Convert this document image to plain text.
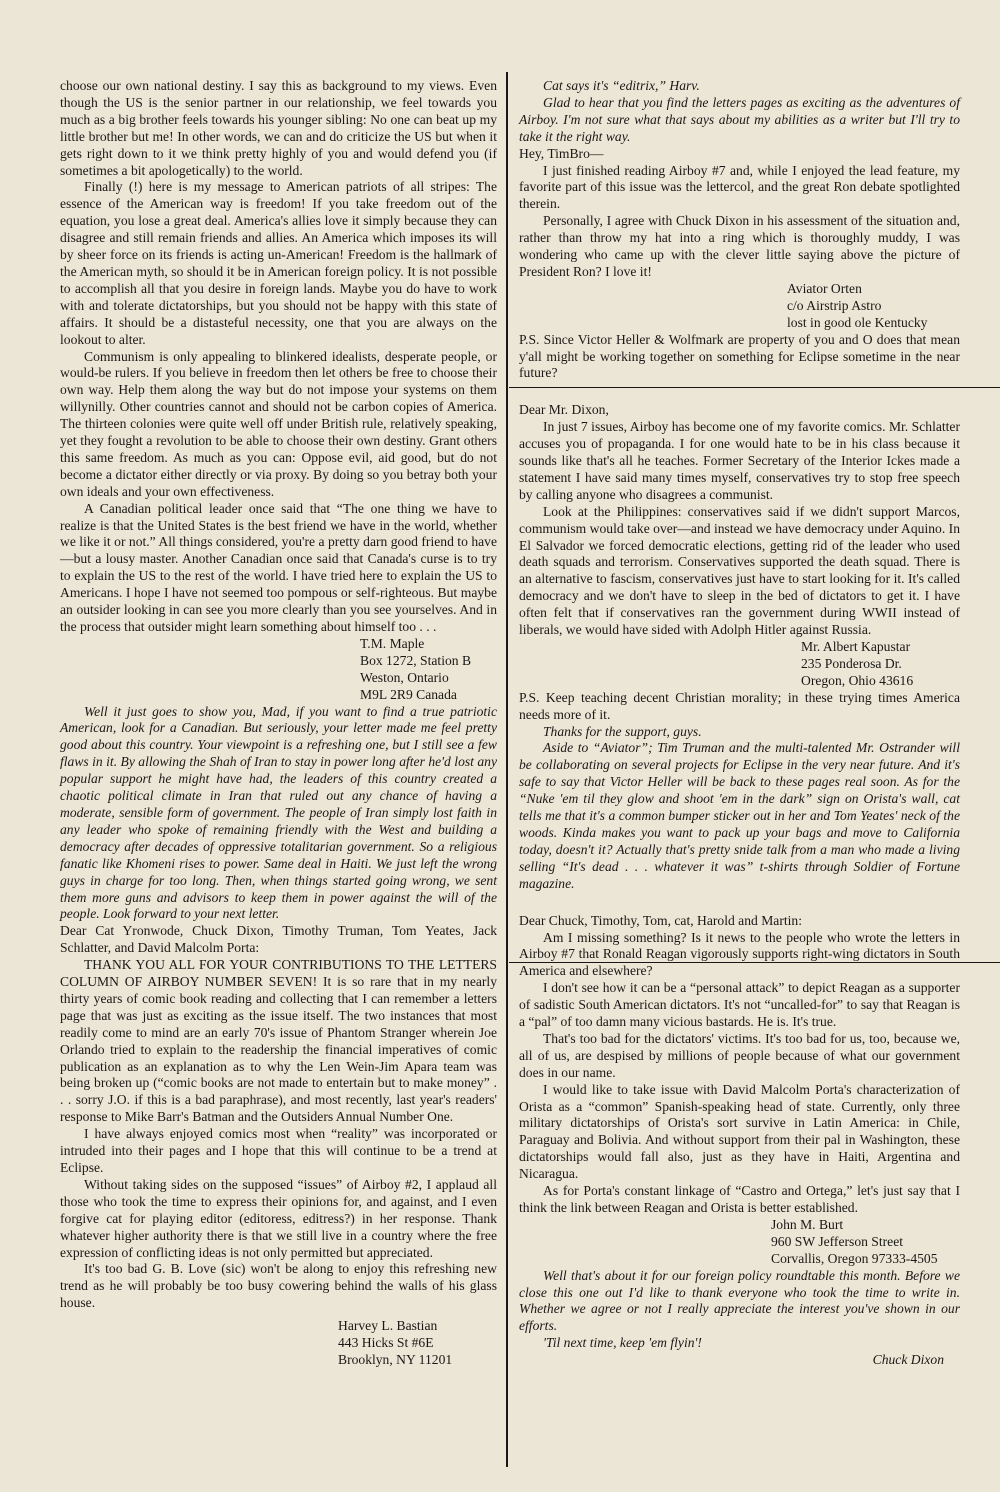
choose our own national destiny. I say this as background to my views. Even though the US is the senior partner in our relationship, we feel towards you much as a big brother feels towards his younger sibling: No one can beat up my little brother but me! In other words, we can and do criticize the US but when it gets right down to it we think pretty highly of you and would defend you (if sometimes a bit apologetically) to the world.

Finally (!) here is my message to American patriots of all stripes: The essence of the American way is freedom! If you take freedom out of the equation, you lose a great deal. America's allies love it simply because they can disagree and still remain friends and allies. An America which imposes its will by sheer force on its friends is acting un-American! Freedom is the hallmark of the American myth, so should it be in American foreign policy. It is not possible to accomplish all that you desire in foreign lands. Maybe you do have to work with and tolerate dictatorships, but you should not be happy with this state of affairs. It should be a distasteful necessity, one that you are always on the lookout to alter.

Communism is only appealing to blinkered idealists, desperate people, or would-be rulers. If you believe in freedom then let others be free to choose their own way. Help them along the way but do not impose your systems on them willynilly. Other countries cannot and should not be carbon copies of America. The thirteen colonies were quite well off under British rule, relatively speaking, yet they fought a revolution to be able to choose their own destiny. Grant others this same freedom. As much as you can: Oppose evil, aid good, but do not become a dictator either directly or via proxy. By doing so you betray both your own ideals and your own effectiveness.

A Canadian political leader once said that “The one thing we have to realize is that the United States is the best friend we have in the world, whether we like it or not.” All things considered, you're a pretty darn good friend to have—but a lousy master. Another Canadian once said that Canada's curse is to try to explain the US to the rest of the world. I have tried here to explain the US to Americans. I hope I have not seemed too pompous or self-righteous. But maybe an outsider looking in can see you more clearly than you see yourselves. And in the process that outsider might learn something about himself too . . .

T.M. Maple

Box 1272, Station B

Weston, Ontario

M9L 2R9 Canada

Well it just goes to show you, Mad, if you want to find a true patriotic American, look for a Canadian. But seriously, your letter made me feel pretty good about this country. Your viewpoint is a refreshing one, but I still see a few flaws in it. By allowing the Shah of Iran to stay in power long after he'd lost any popular support he might have had, the leaders of this country created a chaotic political climate in Iran that ruled out any chance of having a moderate, sensible form of government. The people of Iran simply lost faith in any leader who spoke of remaining friendly with the West and building a democracy after decades of oppressive totalitarian government. So a religious fanatic like Khomeni rises to power. Same deal in Haiti. We just left the wrong guys in charge for too long. Then, when things started going wrong, we sent them more guns and advisors to keep them in power against the will of the people. Look forward to your next letter.

Dear Cat Yronwode, Chuck Dixon, Timothy Truman, Tom Yeates, Jack Schlatter, and David Malcolm Porta:

THANK YOU ALL FOR YOUR CONTRIBUTIONS TO THE LETTERS COLUMN OF AIRBOY NUMBER SEVEN! It is so rare that in my nearly thirty years of comic book reading and collecting that I can remember a letters page that was just as exciting as the issue itself. The two instances that most readily come to mind are an early 70's issue of Phantom Stranger wherein Joe Orlando tried to explain to the readership the financial imperatives of comic publication as an explanation as to why the Len Wein-Jim Apara team was being broken up (“comic books are not made to entertain but to make money” . . . sorry J.O. if this is a bad paraphrase), and most recently, last year's readers' response to Mike Barr's Batman and the Outsiders Annual Number One.

I have always enjoyed comics most when “reality” was incorporated or intruded into their pages and I hope that this will continue to be a trend at Eclipse.

Without taking sides on the supposed “issues” of Airboy #2, I applaud all those who took the time to express their opinions for, and against, and I even forgive cat for playing editor (editoress, editress?) in her response. Thank whatever higher authority there is that we still live in a country where the free expression of conflicting ideas is not only permitted but appreciated.

It's too bad G. B. Love (sic) won't be along to enjoy this refreshing new trend as he will probably be too busy cowering behind the walls of his glass house.

Harvey L. Bastian

443 Hicks St #6E

Brooklyn, NY 11201

Cat says it's “editrix,” Harv.

Glad to hear that you find the letters pages as exciting as the adventures of Airboy. I'm not sure what that says about my abilities as a writer but I'll try to take it the right way.

Hey, TimBro—

I just finished reading Airboy #7 and, while I enjoyed the lead feature, my favorite part of this issue was the lettercol, and the great Ron debate spotlighted therein.

Personally, I agree with Chuck Dixon in his assessment of the situation and, rather than throw my hat into a ring which is thoroughly muddy, I was wondering who came up with the clever little saying above the picture of President Ron? I love it!

Aviator Orten

c/o Airstrip Astro

lost in good ole Kentucky

P.S. Since Victor Heller & Wolfmark are property of you and O does that mean y'all might be working together on something for Eclipse sometime in the near future?

Dear Mr. Dixon,

In just 7 issues, Airboy has become one of my favorite comics. Mr. Schlatter accuses you of propaganda. I for one would hate to be in his class because it sounds like that's all he teaches. Former Secretary of the Interior Ickes made a statement I have said many times myself, conservatives try to stop free speech by calling anyone who disagrees a communist.

Look at the Philippines: conservatives said if we didn't support Marcos, communism would take over—and instead we have democracy under Aquino. In El Salvador we forced democratic elections, getting rid of the leader who used death squads and terrorism. Conservatives supported the death squad. There is an alternative to fascism, conservatives just have to start looking for it. It's called democracy and we don't have to sleep in the bed of dictators to get it. I have often felt that if conservatives ran the government during WWII instead of liberals, we would have sided with Adolph Hitler against Russia.

Mr. Albert Kapustar

235 Ponderosa Dr.

Oregon, Ohio 43616

P.S. Keep teaching decent Christian morality; in these trying times America needs more of it.

Thanks for the support, guys.

Aside to “Aviator”; Tim Truman and the multi-talented Mr. Ostrander will be collaborating on several projects for Eclipse in the very near future. And it's safe to say that Victor Heller will be back to these pages real soon. As for the “Nuke 'em til they glow and shoot 'em in the dark” sign on Orista's wall, cat tells me that it's a common bumper sticker out in her and Tom Yeates' neck of the woods. Kinda makes you want to pack up your bags and move to California today, doesn't it? Actually that's pretty snide talk from a man who made a living selling “It's dead . . . whatever it was” t-shirts through Soldier of Fortune magazine.

Dear Chuck, Timothy, Tom, cat, Harold and Martin:

Am I missing something? Is it news to the people who wrote the letters in Airboy #7 that Ronald Reagan vigorously supports right-wing dictators in South America and elsewhere?

I don't see how it can be a “personal attack” to depict Reagan as a supporter of sadistic South American dictators. It's not “uncalled-for” to say that Reagan is a “pal” of too damn many vicious bastards. He is. It's true.

That's too bad for the dictators' victims. It's too bad for us, too, because we, all of us, are despised by millions of people because of what our government does in our name.

I would like to take issue with David Malcolm Porta's characterization of Orista as a “common” Spanish-speaking head of state. Currently, only three military dictatorships of Orista's sort survive in Latin America: in Chile, Paraguay and Bolivia. And without support from their pal in Washington, these dictatorships would fall also, just as they have in Haiti, Argentina and Nicaragua.

As for Porta's constant linkage of “Castro and Ortega,” let's just say that I think the link between Reagan and Orista is better established.

John M. Burt

960 SW Jefferson Street

Corvallis, Oregon 97333-4505

Well that's about it for our foreign policy roundtable this month. Before we close this one out I'd like to thank everyone who took the time to write in. Whether we agree or not I really appreciate the interest you've shown in our efforts.

'Til next time, keep 'em flyin'!

Chuck Dixon
